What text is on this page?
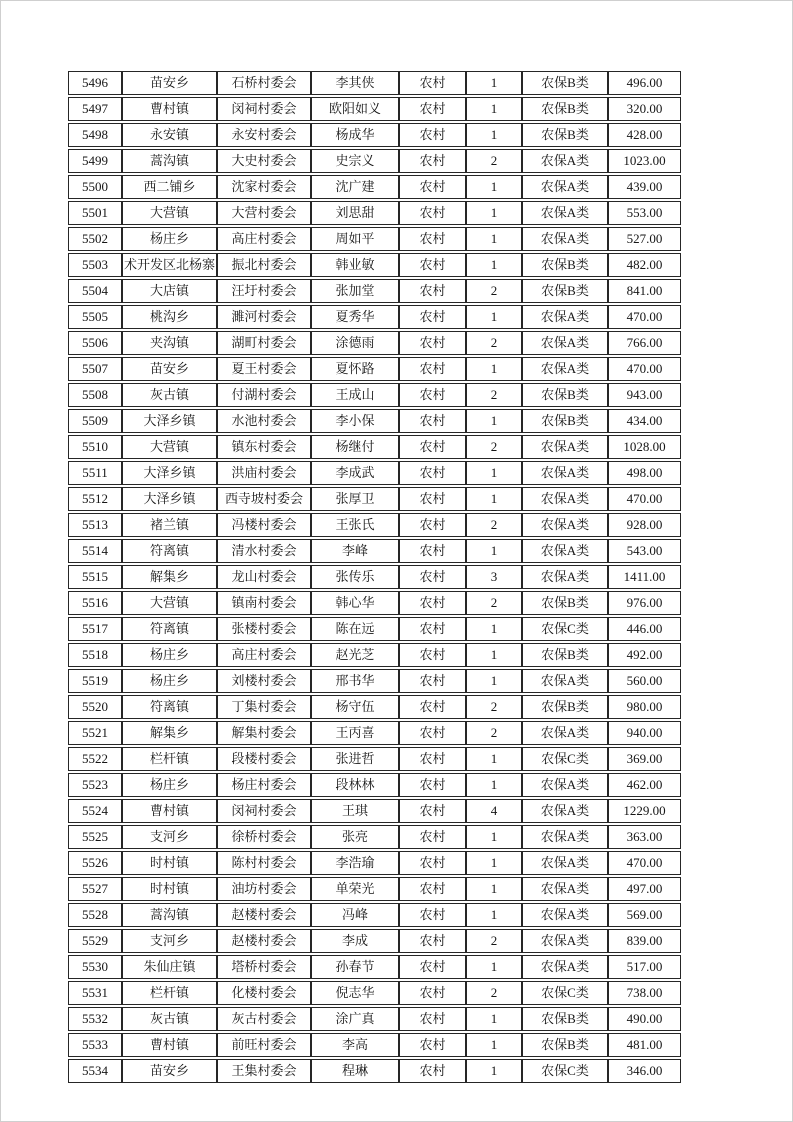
5496	苗安乡	石桥村委会	李其侠	农村	1	农保B类	496.00
5497	曹村镇	闵祠村委会	欧阳如义	农村	1	农保B类	320.00
5498	永安镇	永安村委会	杨成华	农村	1	农保B类	428.00
5499	蒿沟镇	大史村委会	史宗义	农村	2	农保A类	1023.00
5500	西二铺乡	沈家村委会	沈广建	农村	1	农保A类	439.00
5501	大营镇	大营村委会	刘思甜	农村	1	农保A类	553.00
5502	杨庄乡	高庄村委会	周如平	农村	1	农保A类	527.00
5503	术开发区北杨寨	振北村委会	韩业敏	农村	1	农保B类	482.00
5504	大店镇	汪圩村委会	张加堂	农村	2	农保B类	841.00
5505	桃沟乡	濉河村委会	夏秀华	农村	1	农保A类	470.00
5506	夹沟镇	湖町村委会	涂德雨	农村	2	农保A类	766.00
5507	苗安乡	夏王村委会	夏怀路	农村	1	农保A类	470.00
5508	灰古镇	付湖村委会	王成山	农村	2	农保B类	943.00
5509	大泽乡镇	水池村委会	李小保	农村	1	农保B类	434.00
5510	大营镇	镇东村委会	杨继付	农村	2	农保A类	1028.00
5511	大泽乡镇	洪庙村委会	李成武	农村	1	农保A类	498.00
5512	大泽乡镇	西寺坡村委会	张厚卫	农村	1	农保A类	470.00
5513	褚兰镇	冯楼村委会	王张氏	农村	2	农保A类	928.00
5514	符离镇	清水村委会	李峰	农村	1	农保A类	543.00
5515	解集乡	龙山村委会	张传乐	农村	3	农保A类	1411.00
5516	大营镇	镇南村委会	韩心华	农村	2	农保B类	976.00
5517	符离镇	张楼村委会	陈在远	农村	1	农保C类	446.00
5518	杨庄乡	高庄村委会	赵光芝	农村	1	农保B类	492.00
5519	杨庄乡	刘楼村委会	邢书华	农村	1	农保A类	560.00
5520	符离镇	丁集村委会	杨守伍	农村	2	农保B类	980.00
5521	解集乡	解集村委会	王丙喜	农村	2	农保A类	940.00
5522	栏杆镇	段楼村委会	张进哲	农村	1	农保C类	369.00
5523	杨庄乡	杨庄村委会	段林林	农村	1	农保A类	462.00
5524	曹村镇	闵祠村委会	王琪	农村	4	农保A类	1229.00
5525	支河乡	徐桥村委会	张亮	农村	1	农保A类	363.00
5526	时村镇	陈村村委会	李浩瑜	农村	1	农保A类	470.00
5527	时村镇	油坊村委会	单荣光	农村	1	农保A类	497.00
5528	蒿沟镇	赵楼村委会	冯峰	农村	1	农保A类	569.00
5529	支河乡	赵楼村委会	李成	农村	2	农保A类	839.00
5530	朱仙庄镇	塔桥村委会	孙春节	农村	1	农保A类	517.00
5531	栏杆镇	化楼村委会	倪志华	农村	2	农保C类	738.00
5532	灰古镇	灰古村委会	涂广真	农村	1	农保B类	490.00
5533	曹村镇	前旺村委会	李高	农村	1	农保B类	481.00
5534	苗安乡	王集村委会	程琳	农村	1	农保C类	346.00
